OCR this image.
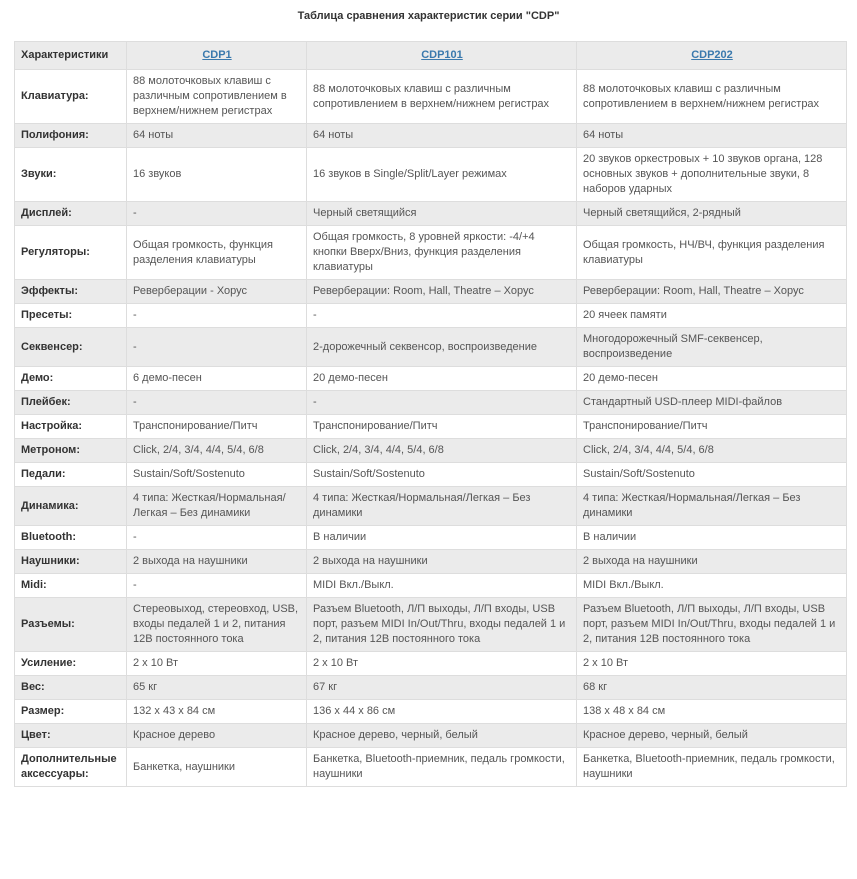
Таблица сравнения характеристик серии "CDP"
Характеристики	CDP1	CDP101	CDP202
Клавиатура:	88 молоточковых клавиш с различным сопротивлением в верхнем/нижнем регистрах	88 молоточковых клавиш с различным сопротивлением в верхнем/нижнем регистрах	88 молоточковых клавиш с различным сопротивлением в верхнем/нижнем регистрах
Полифония:	64 ноты	64 ноты	64 ноты
Звуки:	16 звуков	16 звуков в Single/Split/Layer режимах	20 звуков оркестровых + 10 звуков органа, 128 основных звуков + дополнительные звуки, 8 наборов ударных
Дисплей:	-	Черный светящийся	Черный светящийся, 2-рядный
Регуляторы:	Общая громкость, функция разделения клавиатуры	Общая громкость, 8 уровней яркости: -4/+4 кнопки Вверх/Вниз, функция разделения клавиатуры	Общая громкость, НЧ/ВЧ, функция разделения клавиатуры
Эффекты:	Реверберации - Хорус	Реверберации: Room, Hall, Theatre – Хорус	Реверберации: Room, Hall, Theatre – Хорус
Пресеты:	-	-	20 ячеек памяти
Секвенсер:	-	2-дорожечный секвенсор, воспроизведение	Многодорожечный SMF-секвенсер, воспроизведение
Демо:	6 демо-песен	20 демо-песен	20 демо-песен
Плейбек:	-	-	Стандартный USD-плеер MIDI-файлов
Настройка:	Транспонирование/Питч	Транспонирование/Питч	Транспонирование/Питч
Метроном:	Click, 2/4, 3/4, 4/4, 5/4, 6/8	Click, 2/4, 3/4, 4/4, 5/4, 6/8	Click, 2/4, 3/4, 4/4, 5/4, 6/8
Педали:	Sustain/Soft/Sostenuto	Sustain/Soft/Sostenuto	Sustain/Soft/Sostenuto
Динамика:	4 типа: Жесткая/Нормальная/Легкая – Без динамики	4 типа: Жесткая/Нормальная/Легкая – Без динамики	4 типа: Жесткая/Нормальная/Легкая – Без динамики
Bluetooth:	-	В наличии	В наличии
Наушники:	2 выхода на наушники	2 выхода на наушники	2 выхода на наушники
Midi:	-	MIDI Вкл./Выкл.	MIDI Вкл./Выкл.
Разъемы:	Стереовыход, стереовход, USB, входы педалей 1 и 2, питания 12В постоянного тока	Разъем Bluetooth, Л/П выходы, Л/П входы, USB порт, разъем MIDI In/Out/Thru, входы педалей 1 и 2, питания 12В постоянного тока	Разъем Bluetooth, Л/П выходы, Л/П входы, USB порт, разъем MIDI In/Out/Thru, входы педалей 1 и 2, питания 12В постоянного тока
Усиление:	2 х 10 Вт	2 х 10 Вт	2 х 10 Вт
Вес:	65 кг	67 кг	68 кг
Размер:	132 х 43 х 84 см	136 х 44 х 86 см	138 х 48 х 84 см
Цвет:	Красное дерево	Красное дерево, черный, белый	Красное дерево, черный, белый
Дополнительные аксессуары:	Банкетка, наушники	Банкетка, Bluetooth-приемник, педаль громкости, наушники	Банкетка, Bluetooth-приемник, педаль громкости, наушники
